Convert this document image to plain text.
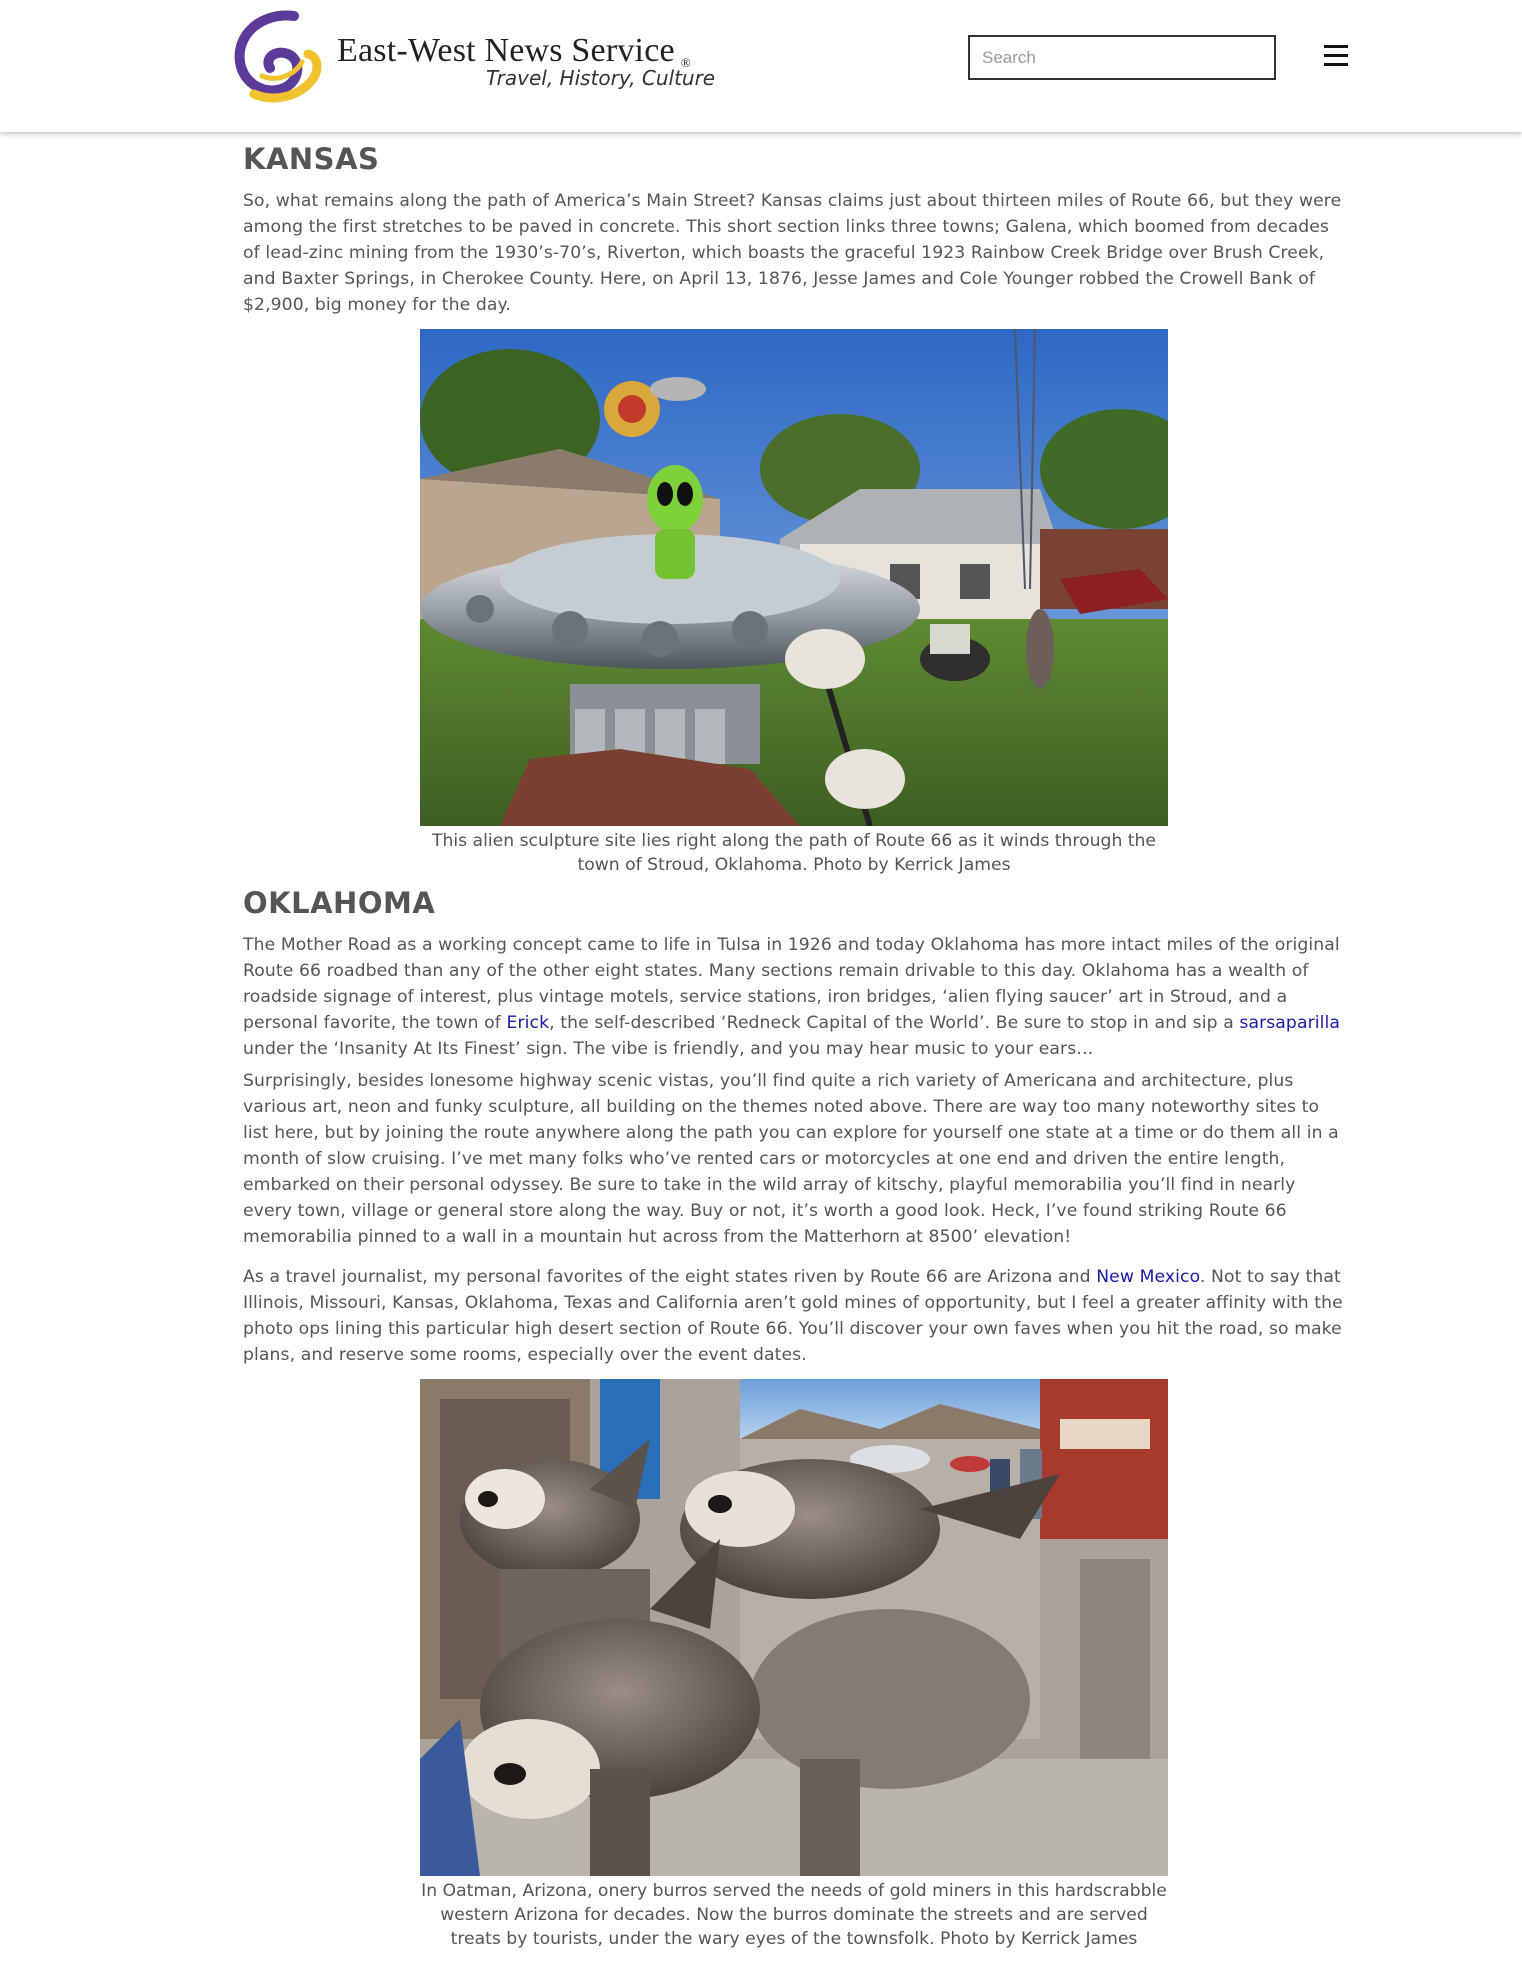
East-West News Service ®
Travel, History, Culture
Search
KANSAS

So, what remains along the path of America’s Main Street? Kansas claims just about thirteen miles of Route 66, but they were among the first stretches to be paved in concrete. This short section links three towns; Galena, which boomed from decades of lead-zinc mining from the 1930’s-70’s, Riverton, which boasts the graceful 1923 Rainbow Creek Bridge over Brush Creek, and Baxter Springs, in Cherokee County. Here, on April 13, 1876, Jesse James and Cole Younger robbed the Crowell Bank of $2,900, big money for the day.

This alien sculpture site lies right along the path of Route 66 as it winds through the town of Stroud, Oklahoma. Photo by Kerrick James
OKLAHOMA

The Mother Road as a working concept came to life in Tulsa in 1926 and today Oklahoma has more intact miles of the original Route 66 roadbed than any of the other eight states. Many sections remain drivable to this day. Oklahoma has a wealth of roadside signage of interest, plus vintage motels, service stations, iron bridges, ‘alien flying saucer’ art in Stroud, and a personal favorite, the town of Erick, the self-described ‘Redneck Capital of the World’. Be sure to stop in and sip a sarsaparilla under the ‘Insanity At Its Finest’ sign. The vibe is friendly, and you may hear music to your ears…

Surprisingly, besides lonesome highway scenic vistas, you’ll find quite a rich variety of Americana and architecture, plus various art, neon and funky sculpture, all building on the themes noted above. There are way too many noteworthy sites to list here, but by joining the route anywhere along the path you can explore for yourself one state at a time or do them all in a month of slow cruising. I’ve met many folks who’ve rented cars or motorcycles at one end and driven the entire length, embarked on their personal odyssey. Be sure to take in the wild array of kitschy, playful memorabilia you’ll find in nearly every town, village or general store along the way. Buy or not, it’s worth a good look. Heck, I’ve found striking Route 66 memorabilia pinned to a wall in a mountain hut across from the Matterhorn at 8500’ elevation!

As a travel journalist, my personal favorites of the eight states riven by Route 66 are Arizona and New Mexico. Not to say that Illinois, Missouri, Kansas, Oklahoma, Texas and California aren’t gold mines of opportunity, but I feel a greater affinity with the photo ops lining this particular high desert section of Route 66. You’ll discover your own faves when you hit the road, so make plans, and reserve some rooms, especially over the event dates.

In Oatman, Arizona, onery burros served the needs of gold miners in this hardscrabble western Arizona for decades. Now the burros dominate the streets and are served treats by tourists, under the wary eyes of the townsfolk. Photo by Kerrick James
